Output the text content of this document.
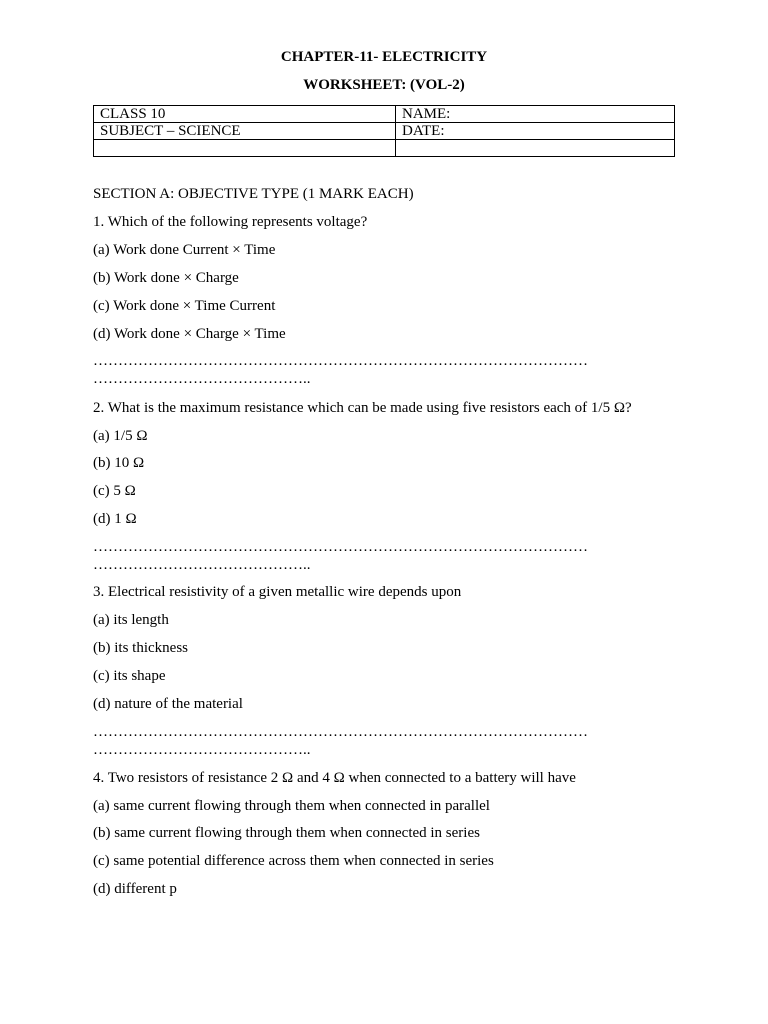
CHAPTER-11- ELECTRICITY
WORKSHEET: (VOL-2)
CLASS 10	NAME:
SUBJECT – SCIENCE	DATE:

SECTION A: OBJECTIVE TYPE (1 MARK EACH)
1. Which of the following represents voltage?
(a) Work done Current × Time
(b) Work done × Charge
(c) Work done × Time Current
(d) Work done × Charge × Time
………………………………………………………………………………………
……………………………………..
2. What is the maximum resistance which can be made using five resistors each of 1/5 Ω?
(a) 1/5 Ω
(b) 10 Ω
(c) 5 Ω
(d) 1 Ω
………………………………………………………………………………………
……………………………………..
3. Electrical resistivity of a given metallic wire depends upon
(a) its length
(b) its thickness
(c) its shape
(d) nature of the material
………………………………………………………………………………………
……………………………………..
4. Two resistors of resistance 2 Ω and 4 Ω when connected to a battery will have
(a) same current flowing through them when connected in parallel
(b) same current flowing through them when connected in series
(c) same potential difference across them when connected in series
(d) different p
